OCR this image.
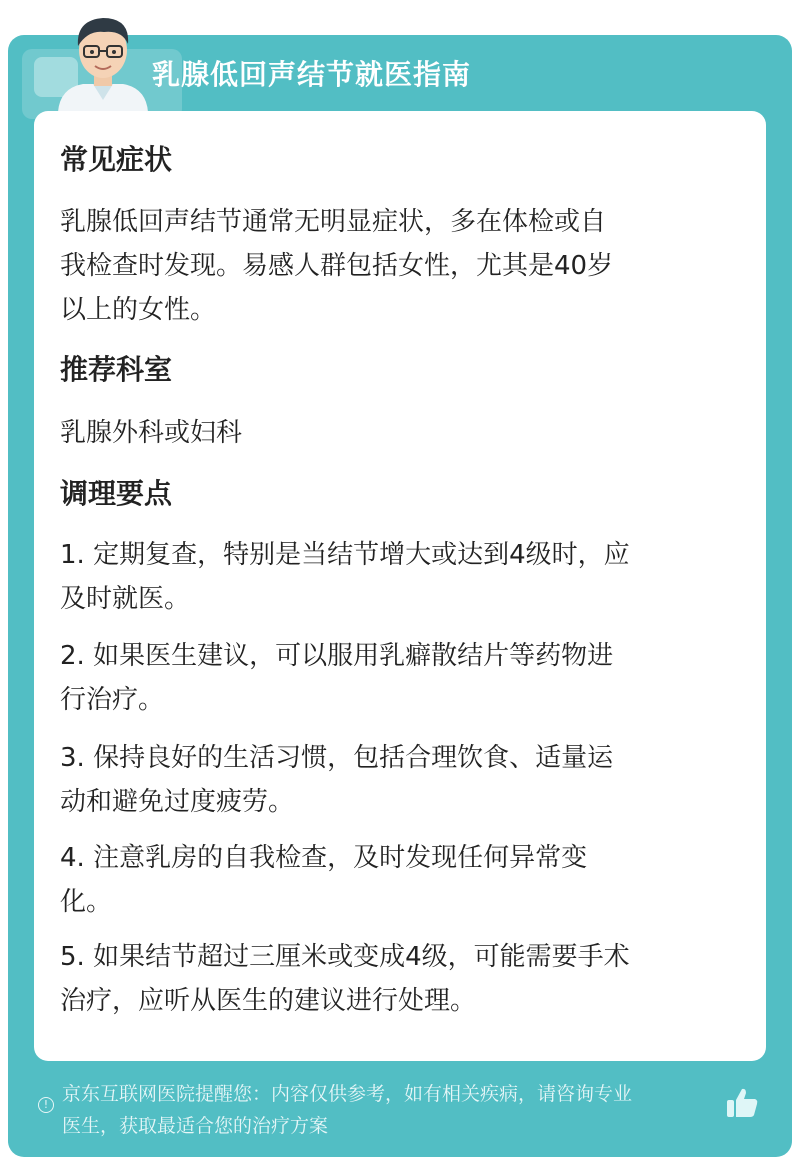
乳腺低回声结节就医指南
常见症状
乳腺低回声结节通常无明显症状，多在体检或自
我检查时发现。易感人群包括女性，尤其是40岁
以上的女性。
推荐科室
乳腺外科或妇科
调理要点
1. 定期复查，特别是当结节增大或达到4级时，应
及时就医。
2. 如果医生建议，可以服用乳癖散结片等药物进
行治疗。
3. 保持良好的生活习惯，包括合理饮食、适量运
动和避免过度疲劳。
4. 注意乳房的自我检查，及时发现任何异常变
化。
5. 如果结节超过三厘米或变成4级，可能需要手术
治疗，应听从医生的建议进行处理。
! 京东互联网医院提醒您：内容仅供参考，如有相关疾病，请咨询专业
医生，获取最适合您的治疗方案
